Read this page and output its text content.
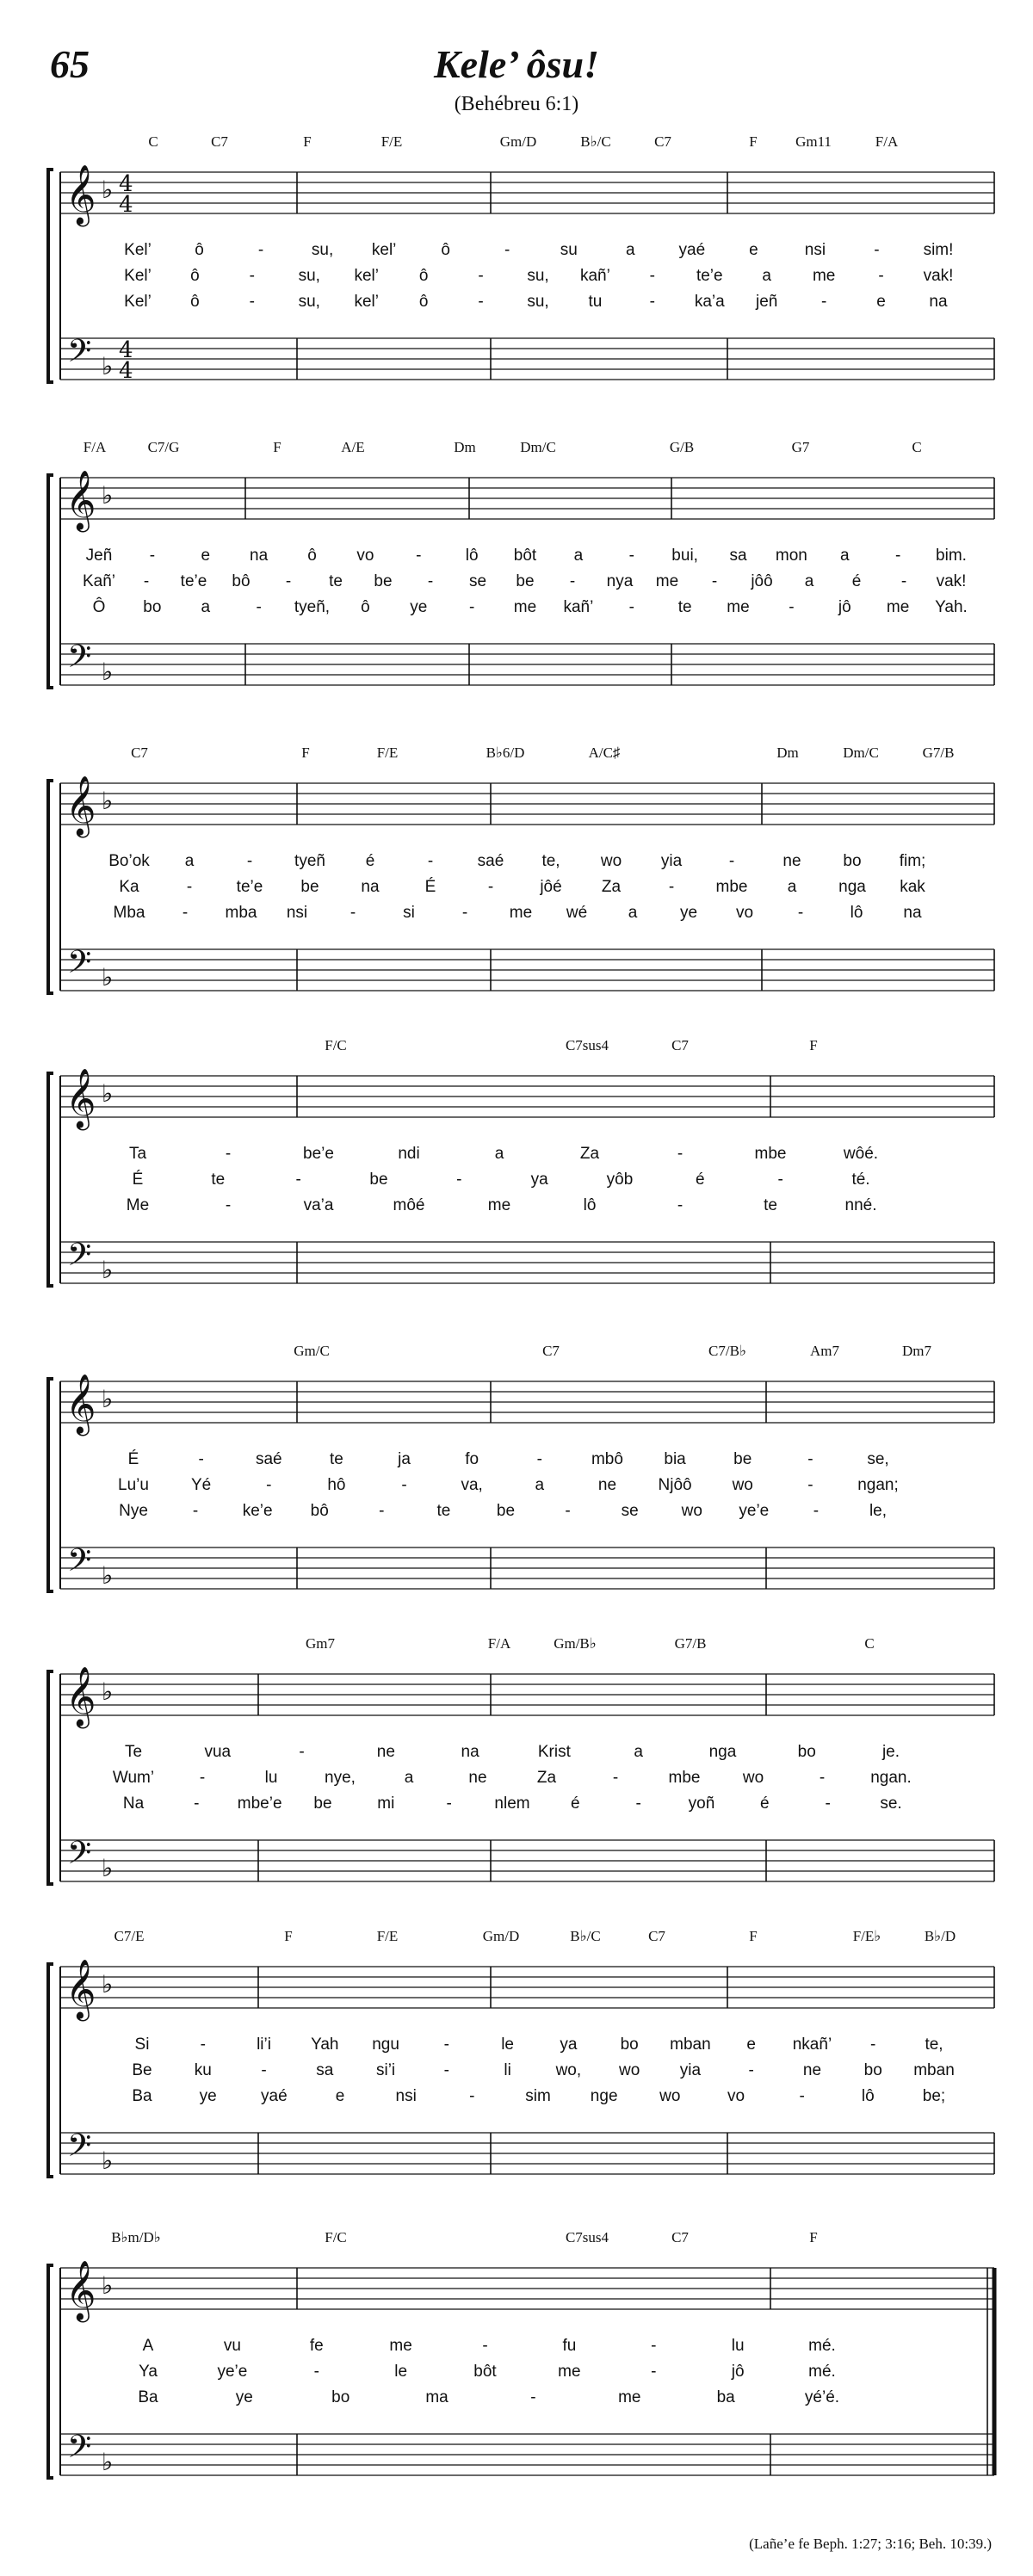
65	Kele’ ôsu!
(Behébreu 6:1)
𝄞
𝄢
♭
♭
4
4
4
4
C	C7	F	F/E	Gm/D	B♭/C	C7	F	Gm11	F/A
Kel’	ô	-	su, kel’	ô	-	su	a	yaé	e	nsi	-	sim!
Kel’ ô	-	su, kel’ ô	-	su, kañ’ -	te’e a	me	- vak!
Kel’ ô	-	su, kel’ ô	-	su, tu	- ka’a jeñ	-	e	na
𝄞
𝄢
♭
♭
F/A	C7/G	F	A/E	Dm	Dm/C	G/B	G7	C
Jeñ -	e na ô vo	-	lô bôt a	- bui, sa mon a	- bim.
Kañ’ - te’e bô - te be - se be - nya me - jôô a é - vak!
Ô bo a	- tyeñ, ô ye	- me kañ’ -	te me -	jô me Yah.
𝄞
𝄢
♭
♭
C7	F	F/E	B♭6/D	A/C♯	Dm	Dm/C	G7/B
Bo’ok a	-	tyeñ é	-	saé te, wo yia	-	ne	bo fim;
Ka	-	te’e be	na	É	-	jôé Za	-	mbe a	nga kak
Mba - mba nsi	-	si	-	me wé	a	ye vo	-	lô na
𝄞
𝄢
♭
♭
F/C	C7sus4	C7	F
Ta	-	be’e	ndi	a	Za	-	mbe	wôé.
É	te	-	be	-	ya	yôb	é	-	té.
Me	-	va’a	môé	me	lô	-	te	nné.
𝄞
𝄢
♭
♭
Gm/C	C7	C7/B♭	Am7	Dm7
É	-	saé	te	ja	fo	-	mbô bia	be	-	se,
Lu’u	Yé	-	hô	-	va,	a	ne	Njôô wo	-	ngan;
Nye	-	ke’e bô	-	te	be	-	se	wo ye’e	-	le,
𝄞
𝄢
♭
♭
Gm7	F/A	Gm/B♭	G7/B	C
Te	vua	-	ne	na	Krist	a	nga	bo	je.
Wum’	-	lu	nye,	a	ne	Za	-	mbe	wo	-	ngan.
Na	- mbe’e be	mi	-	nlem é	-	yoñ	é	-	se.
𝄞
𝄢
♭
♭
C7/E	F	F/E	Gm/D	B♭/C	C7	F	F/E♭	B♭/D
Si	-	li’i Yah ngu	-	le	ya	bo mban e nkañ’ -	te,
Be	ku	-	sa	si’i	-	li	wo, wo yia	-	ne	bo mban
Ba	ye	yaé	e	nsi	-	sim nge	wo	vo	-	lô	be;
𝄞
𝄢
♭
♭
B♭m/D♭	F/C	C7sus4	C7	F
A	vu	fe	me	-	fu	-	lu	mé.
Ya	ye’e	-	le	bôt	me	-	jô	mé.
Ba	ye	bo	ma	-	me	ba	yé’é.
(Lañe’e fe Beph. 1:27; 3:16; Beh. 10:39.)
